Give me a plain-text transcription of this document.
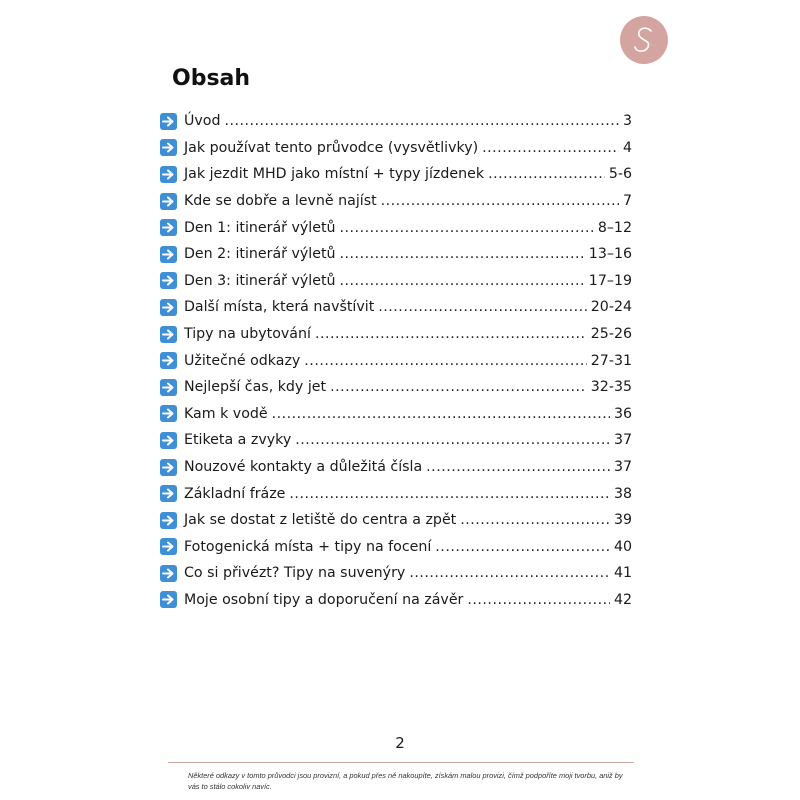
Obsah
Úvod .....	3
Jak používat tento průvodce (vysvětlivky) .....	4
Jak jezdit MHD jako místní + typy jízdenek .....	5-6
Kde se dobře a levně najíst .....	7
Den 1: itinerář výletů .....	8–12
Den 2: itinerář výletů .....	13–16
Den 3: itinerář výletů .....	17–19
Další místa, která navštívit .....	20-24
Tipy na ubytování .....	25-26
Užitečné odkazy .....	27-31
Nejlepší čas, kdy jet .....	32-35
Kam k vodě .....	36
Etiketa a zvyky .....	37
Nouzové kontakty a důležitá čísla .....	37
Základní fráze .....	38
Jak se dostat z letiště do centra a zpět .....	39
Fotogenická místa + tipy na focení .....	40
Co si přivézt? Tipy na suvenýry .....	41
Moje osobní tipy a doporučení na závěr .....	42
2
Některé odkazy v tomto průvodci jsou provizní, a pokud přes ně nakoupíte, získám malou provizi, čímž podpoříte moji tvorbu, aniž by vás to stálo cokoliv navíc.
